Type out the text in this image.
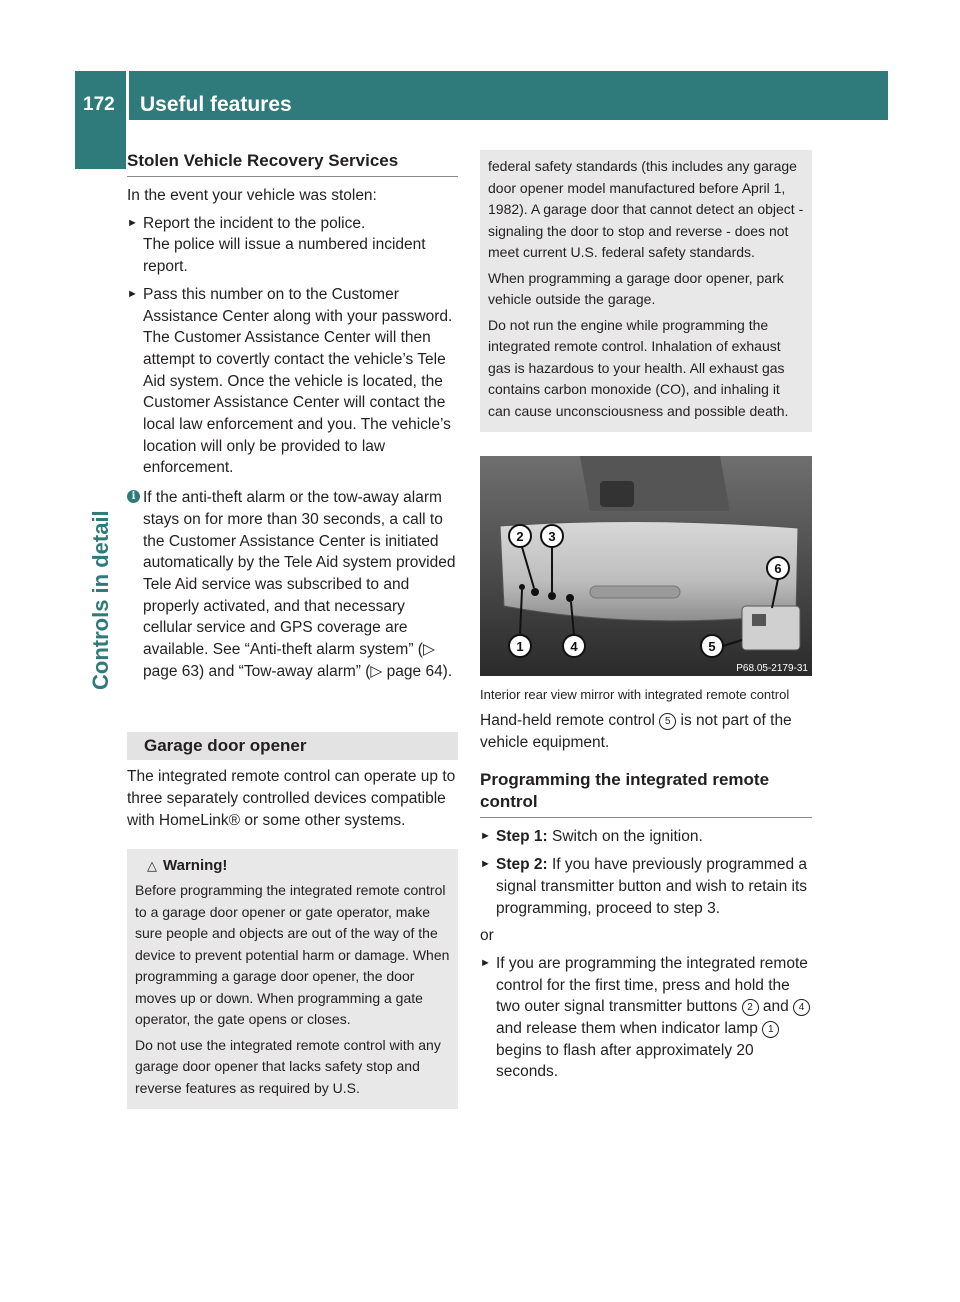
172	Useful features
Controls in detail
Stolen Vehicle Recovery Services

In the event your vehicle was stolen:

► Report the incident to the police.
The police will issue a numbered incident report.
► Pass this number on to the Customer Assistance Center along with your password.
The Customer Assistance Center will then attempt to covertly contact the vehicle’s Tele Aid system. Once the vehicle is located, the Customer Assistance Center will contact the local law enforcement and you. The vehicle’s location will only be provided to law enforcement.
i If the anti-theft alarm or the tow-away alarm stays on for more than 30 seconds, a call to the Customer Assistance Center is initiated automatically by the Tele Aid system provided Tele Aid service was subscribed to and properly activated, and that necessary cellular service and GPS coverage are available. See “Anti-theft alarm system” (▷ page 63) and “Tow-away alarm” (▷ page 64).
Garage door opener

The integrated remote control can operate up to three separately controlled devices compatible with HomeLink® or some other systems.

△ Warning!

Before programming the integrated remote control to a garage door opener or gate operator, make sure people and objects are out of the way of the device to prevent potential harm or damage. When programming a garage door opener, the door moves up or down. When programming a gate operator, the gate opens or closes.

Do not use the integrated remote control with any garage door opener that lacks safety stop and reverse features as required by U.S.

federal safety standards (this includes any garage door opener model manufactured before April 1, 1982). A garage door that cannot detect an object - signaling the door to stop and reverse - does not meet current U.S. federal safety standards.

When programming a garage door opener, park vehicle outside the garage.

Do not run the engine while programming the integrated remote control. Inhalation of exhaust gas is hazardous to your health. All exhaust gas contains carbon monoxide (CO), and inhaling it can cause unconsciousness and possible death.

1
2 3
4	5
6
P68.05-2179-31
Interior rear view mirror with integrated remote control

Hand-held remote control 5 is not part of the vehicle equipment.

Programming the integrated remote control
► Step 1: Switch on the ignition.
► Step 2: If you have previously programmed a signal transmitter button and wish to retain its programming, proceed to step 3.

or

► If you are programming the integrated remote control for the first time, press and hold the two outer signal transmitter buttons 2 and 4 and release them when indicator lamp 1 begins to flash after approximately 20 seconds.
